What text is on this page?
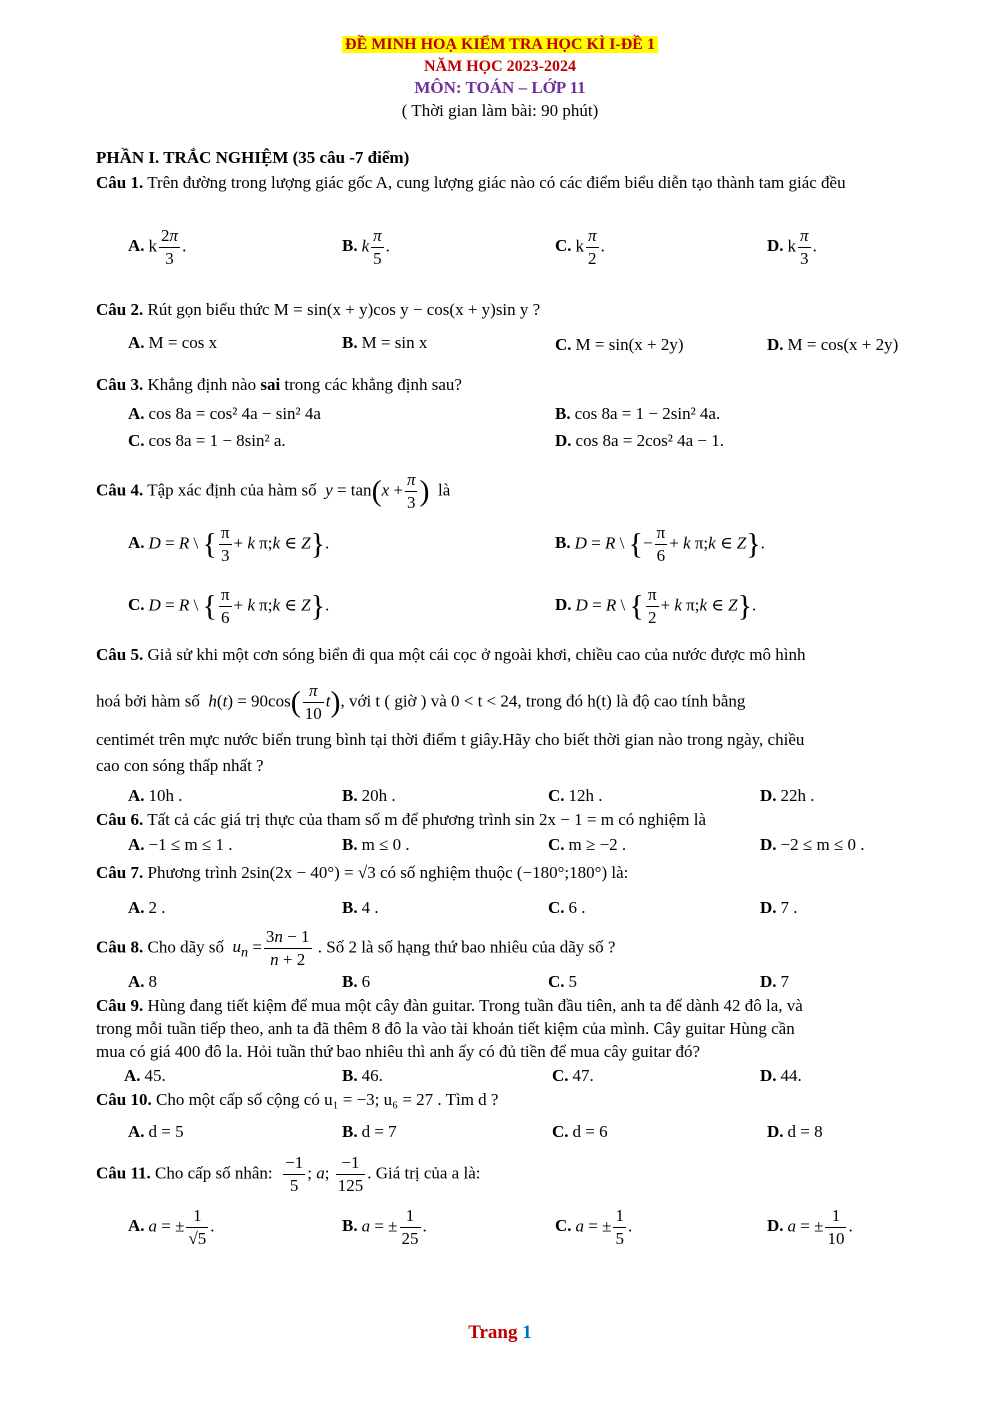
ĐỀ MINH HOẠ KIỂM TRA HỌC KÌ I-ĐỀ 1
NĂM HỌC 2023-2024
MÔN: TOÁN – LỚP 11
( Thời gian làm bài: 90 phút)
PHẦN I. TRẮC NGHIỆM (35 câu -7 điểm)
Câu 1. Trên đường trong lượng giác gốc A, cung lượng giác nào có các điểm biểu diễn tạo thành tam giác đều
A. k $\frac{2\pi}{3}$ .	B. k $\frac{\pi}{5}$ .	C. k $\frac{\pi}{2}$ .	D. k $\frac{\pi}{3}$ .
Câu 2. Rút gọn biểu thức M = sin(x + y)cos y − cos(x + y)sin y ?
A. M = cos x	B. M = sin x	C. M = sin(x + 2y)	D. M = cos(x + 2y)
Câu 3. Khẳng định nào sai trong các khẳng định sau?
A. cos 8a = cos² 4a − sin² 4a	B. cos 8a = 1 − 2sin² 4a.
C. cos 8a = 1 − 8sin² a.	D. cos 8a = 2cos² 4a − 1.
Câu 4. Tập xác định của hàm số $y = \tan(x + \frac{\pi}{3}$ ) là
A. D = R \ { $\frac{\pi}{3} + k$ π;k ∈ Z}.	B. D = R \ {− $\frac{\pi}{6} + k$ π;k ∈ Z}.
C. D = R \ { $\frac{\pi}{6} + k$ π;k ∈ Z}.	D. D = R \ { $\frac{\pi}{2} + k$ π;k ∈ Z}.
Câu 5. Giả sử khi một cơn sóng biển đi qua một cái cọc ở ngoài khơi, chiều cao của nước được mô hình
hoá bởi hàm số $h(t) = 90\cos( \frac{\pi}{10} t)$, với t ( giờ ) và 0 < t < 24, trong đó h(t) là độ cao tính bằng
centimét trên mực nước biển trung bình tại thời điểm t giây.Hãy cho biết thời gian nào trong ngày, chiều
cao con sóng thấp nhất ?
A. 10h .	B. 20h .	C. 12h .	D. 22h .
Câu 6. Tất cả các giá trị thực của tham số m để phương trình sin 2x − 1 = m có nghiệm là
A. −1 ≤ m ≤ 1 .	B. m ≤ 0 .	C. m ≥ −2 .	D. −2 ≤ m ≤ 0 .
Câu 7. Phương trình 2sin(2x − 40°) = √3 có số nghiệm thuộc (−180°;180°) là:
A. 2 .	B. 4 .	C. 6 .	D. 7 .
Câu 8. Cho dãy số $u_n = \frac{3n - 1}{n + 2}$ . Số 2 là số hạng thứ bao nhiêu của dãy số ?
A. 8	B. 6	C. 5	D. 7
Câu 9. Hùng đang tiết kiệm để mua một cây đàn guitar. Trong tuần đầu tiên, anh ta để dành 42 đô la, và
trong mỗi tuần tiếp theo, anh ta đã thêm 8 đô la vào tài khoản tiết kiệm của mình. Cây guitar Hùng cần
mua có giá 400 đô la. Hỏi tuần thứ bao nhiêu thì anh ấy có đủ tiền để mua cây guitar đó?
A. 45.	B. 46.	C. 47.	D. 44.
Câu 10. Cho một cấp số cộng có u₁ = −3; u₆ = 27 . Tìm d ?
A. d = 5	B. d = 7	C. d = 6	D. d = 8
Câu 11. Cho cấp số nhân: $\frac{-1}{5}$ ; a; $\frac{-1}{125}$ . Giá trị của a là:
A. a = ± $\frac{1}{√5}$ .	B. a = ± $\frac{1}{25}$ .	C. a = ± $\frac{1}{5}$ .	D. a = ± $\frac{1}{10}$ .
Trang 1
